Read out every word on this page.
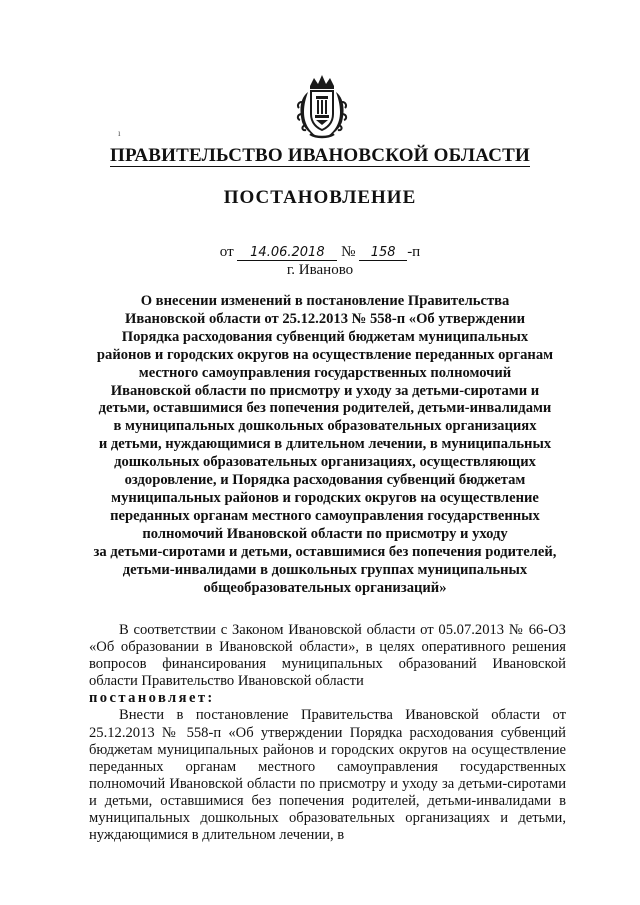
ı
ПРАВИТЕЛЬСТВО ИВАНОВСКОЙ ОБЛАСТИ
ПОСТАНОВЛЕНИЕ
от 14.06.2018 № 158 -п
г. Иваново
О внесении изменений в постановление Правительства
Ивановской области от 25.12.2013 № 558-п «Об утверждении
Порядка расходования субвенций бюджетам муниципальных
районов и городских округов на осуществление переданных органам
местного самоуправления государственных полномочий
Ивановской области по присмотру и уходу за детьми-сиротами и
детьми, оставшимися без попечения родителей, детьми-инвалидами
в муниципальных дошкольных образовательных организациях
и детьми, нуждающимися в длительном лечении, в муниципальных
дошкольных образовательных организациях, осуществляющих
оздоровление, и Порядка расходования субвенций бюджетам
муниципальных районов и городских округов на осуществление
переданных органам местного самоуправления государственных
полномочий Ивановской области по присмотру и уходу
за детьми-сиротами и детьми, оставшимися без попечения родителей,
детьми-инвалидами в дошкольных группах муниципальных
общеобразовательных организаций»

В соответствии с Законом Ивановской области от 05.07.2013 № 66-ОЗ «Об образовании в Ивановской области», в целях оперативного решения вопросов финансирования муниципальных образований Ивановской области Правительство Ивановской области

постановляет:

Внести в постановление Правительства Ивановской области от 25.12.2013 № 558-п «Об утверждении Порядка расходования субвенций бюджетам муниципальных районов и городских округов на осуществление переданных органам местного самоуправления государственных полномочий Ивановской области по присмотру и уходу за детьми-сиротами и детьми, оставшимися без попечения родителей, детьми-инвалидами в муниципальных дошкольных образовательных организациях и детьми, нуждающимися в длительном лечении, в
